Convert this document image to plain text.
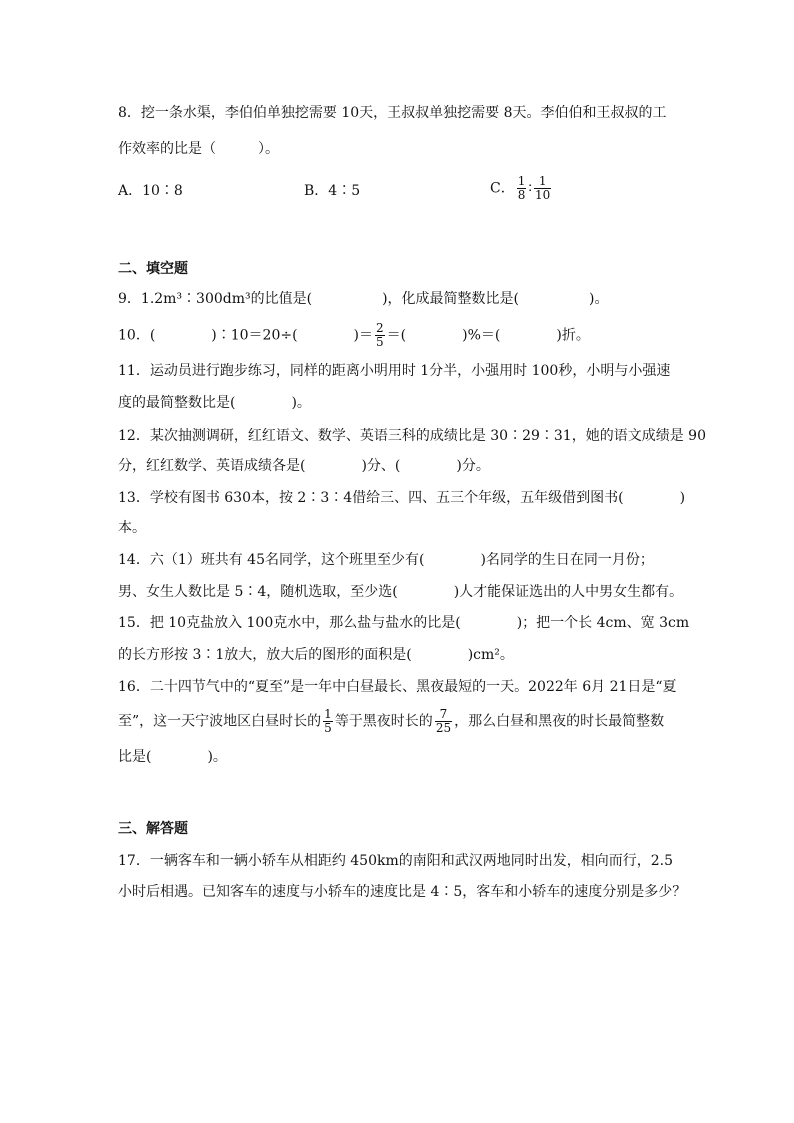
8．挖一条水渠，李伯伯单独挖需要 10天，王叔叔单独挖需要 8天。李伯伯和王叔叔的工
作效率的比是（　　　）。
A．10∶8	B．4∶5	C． $\frac{1}{8}$ ∶ $\frac{1}{10}$
二、填空题
9．1.2m³∶300dm³的比值是(　　　　　)，化成最简整数比是(　　　　　)。
10．(　　　　)∶10＝20÷(　　　　)＝ $\frac{2}{5}$ ＝(　　　　)%＝(　　　　)折。
11．运动员进行跑步练习，同样的距离小明用时 1分半，小强用时 100秒，小明与小强速
度的最简整数比是(　　　　)。
12．某次抽测调研，红红语文、数学、英语三科的成绩比是 30∶29∶31，她的语文成绩是 90
分，红红数学、英语成绩各是(　　　　)分、(　　　　)分。
13．学校有图书 630本，按 2∶3∶4借给三、四、五三个年级，五年级借到图书(　　　　)
本。
14．六（1）班共有 45名同学，这个班里至少有(　　　　)名同学的生日在同一月份；
男、女生人数比是 5∶4，随机选取，至少选(　　　　)人才能保证选出的人中男女生都有。
15．把 10克盐放入 100克水中，那么盐与盐水的比是(　　　　)；把一个长 4cm、宽 3cm
的长方形按 3∶1放大，放大后的图形的面积是(　　　　)cm²。
16．二十四节气中的“夏至”是一年中白昼最长、黑夜最短的一天。2022年 6月 21日是“夏
至”，这一天宁波地区白昼时长的 $\frac{1}{5}$ 等于黑夜时长的 $\frac{7}{25}$ ，那么白昼和黑夜的时长最简整数
比是(　　　　)。
三、解答题
17．一辆客车和一辆小轿车从相距约 450km的南阳和武汉两地同时出发，相向而行，2.5
小时后相遇。已知客车的速度与小轿车的速度比是 4∶5，客车和小轿车的速度分别是多少？
